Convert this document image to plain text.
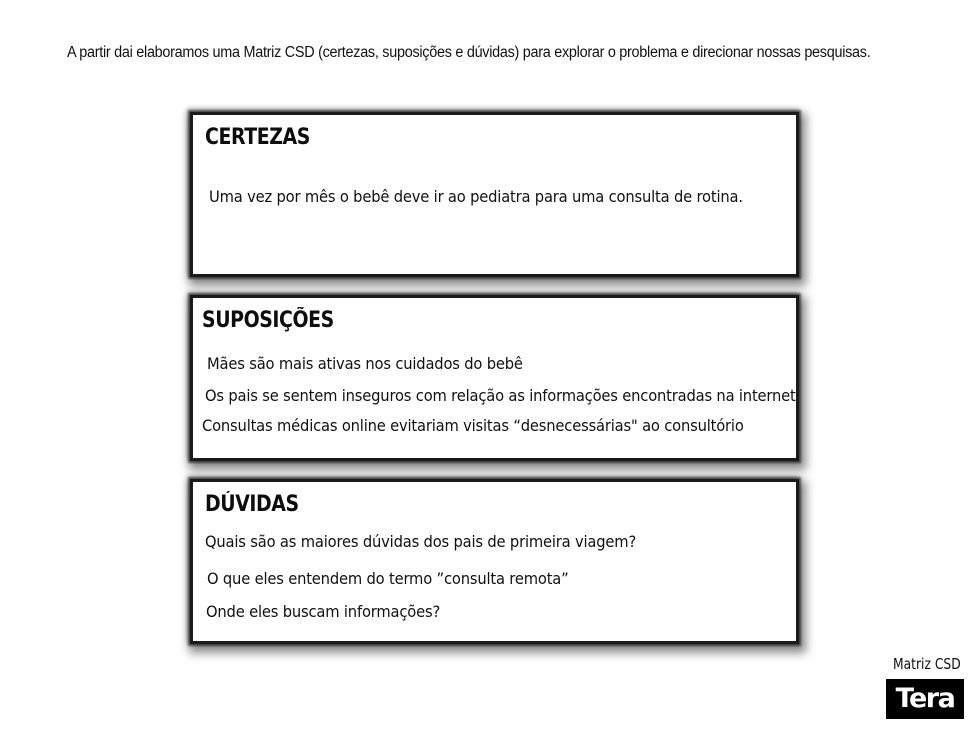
A partir dai elaboramos uma Matriz CSD (certezas, suposições e dúvidas) para explorar o problema e direcionar nossas pesquisas.
CERTEZAS
Uma vez por mês o bebê deve ir ao pediatra para uma consulta de rotina.
SUPOSIÇÕES
Mães são mais ativas nos cuidados do bebê
Os pais se sentem inseguros com relação as informações encontradas na internet
Consultas médicas online evitariam visitas “desnecessárias" ao consultório
DÚVIDAS
Quais são as maiores dúvidas dos pais de primeira viagem?
O que eles entendem do termo ”consulta remota”
Onde eles buscam informações?
Matriz CSD
Tera
